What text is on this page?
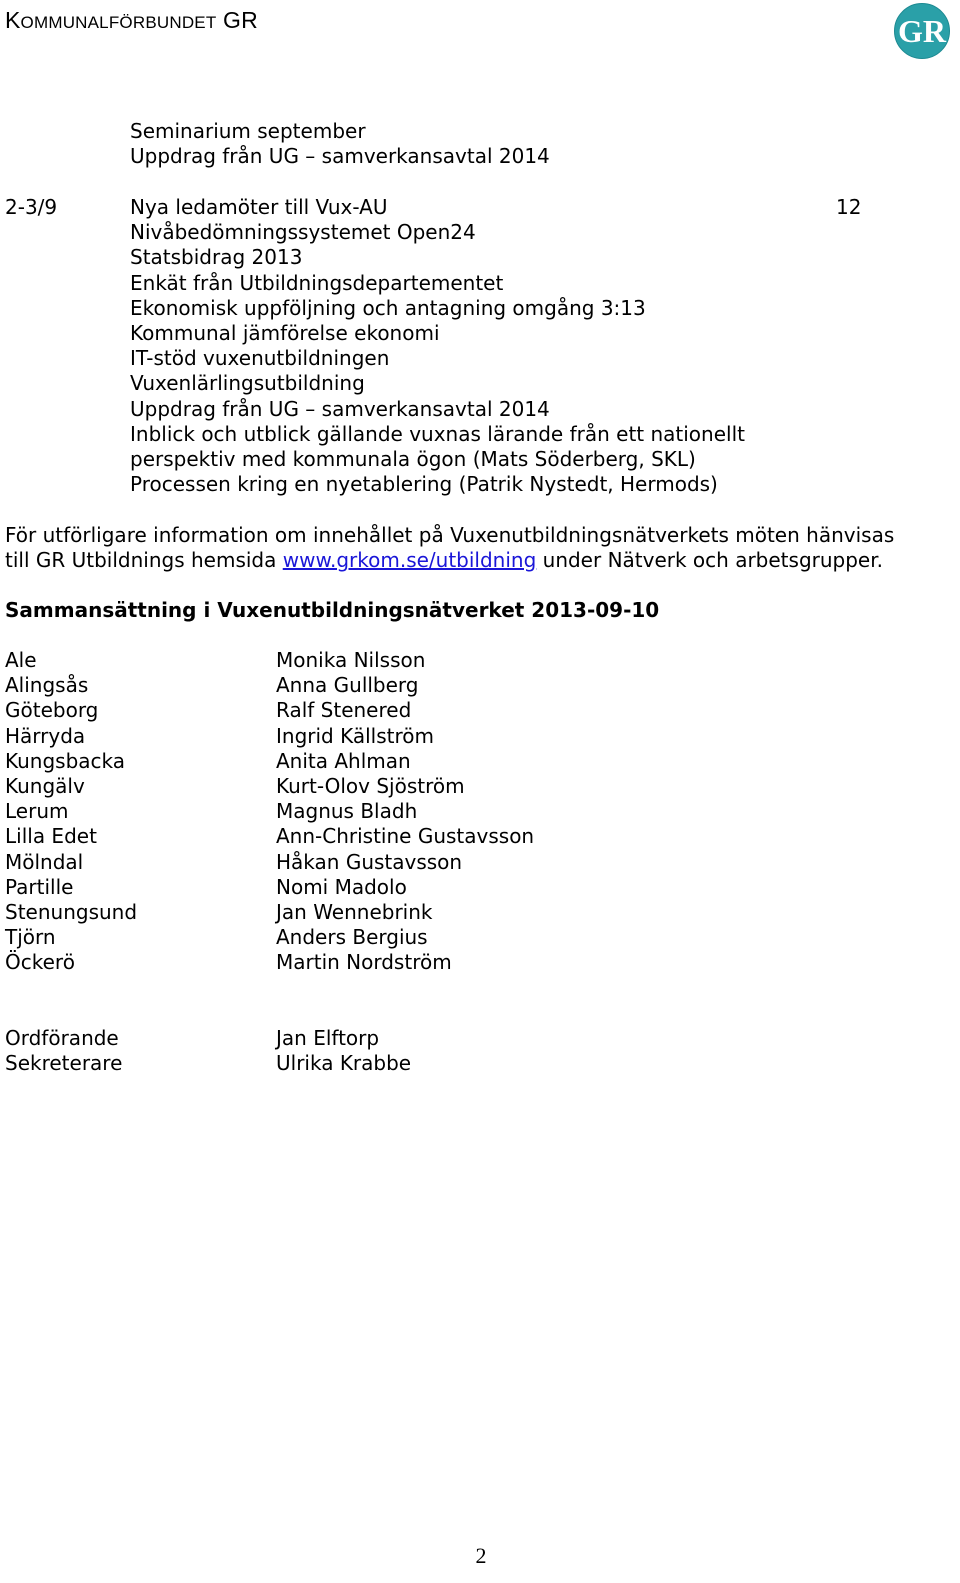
KOMMUNALFÖRBUNDET GR	GR
Seminarium september
Uppdrag från UG – samverkansavtal 2014
2-3/9	12
Nya ledamöter till Vux-AU
Nivåbedömningssystemet Open24
Statsbidrag 2013
Enkät från Utbildningsdepartementet
Ekonomisk uppföljning och antagning omgång 3:13
Kommunal jämförelse ekonomi
IT-stöd vuxenutbildningen
Vuxenlärlingsutbildning
Uppdrag från UG – samverkansavtal 2014
Inblick och utblick gällande vuxnas lärande från ett nationellt
perspektiv med kommunala ögon (Mats Söderberg, SKL)
Processen kring en nyetablering (Patrik Nystedt, Hermods)
För utförligare information om innehållet på Vuxenutbildningsnätverkets möten hänvisas
till GR Utbildnings hemsida www.grkom.se/utbildning under Nätverk och arbetsgrupper.
Sammansättning i Vuxenutbildningsnätverket 2013-09-10
Ale
Alingsås
Göteborg
Härryda
Kungsbacka
Kungälv
Lerum
Lilla Edet
Mölndal
Partille
Stenungsund
Tjörn
Öckerö
Monika Nilsson
Anna Gullberg
Ralf Stenered
Ingrid Källström
Anita Ahlman
Kurt-Olov Sjöström
Magnus Bladh
Ann-Christine Gustavsson
Håkan Gustavsson
Nomi Madolo
Jan Wennebrink
Anders Bergius
Martin Nordström
Ordförande
Sekreterare
Jan Elftorp
Ulrika Krabbe
2
